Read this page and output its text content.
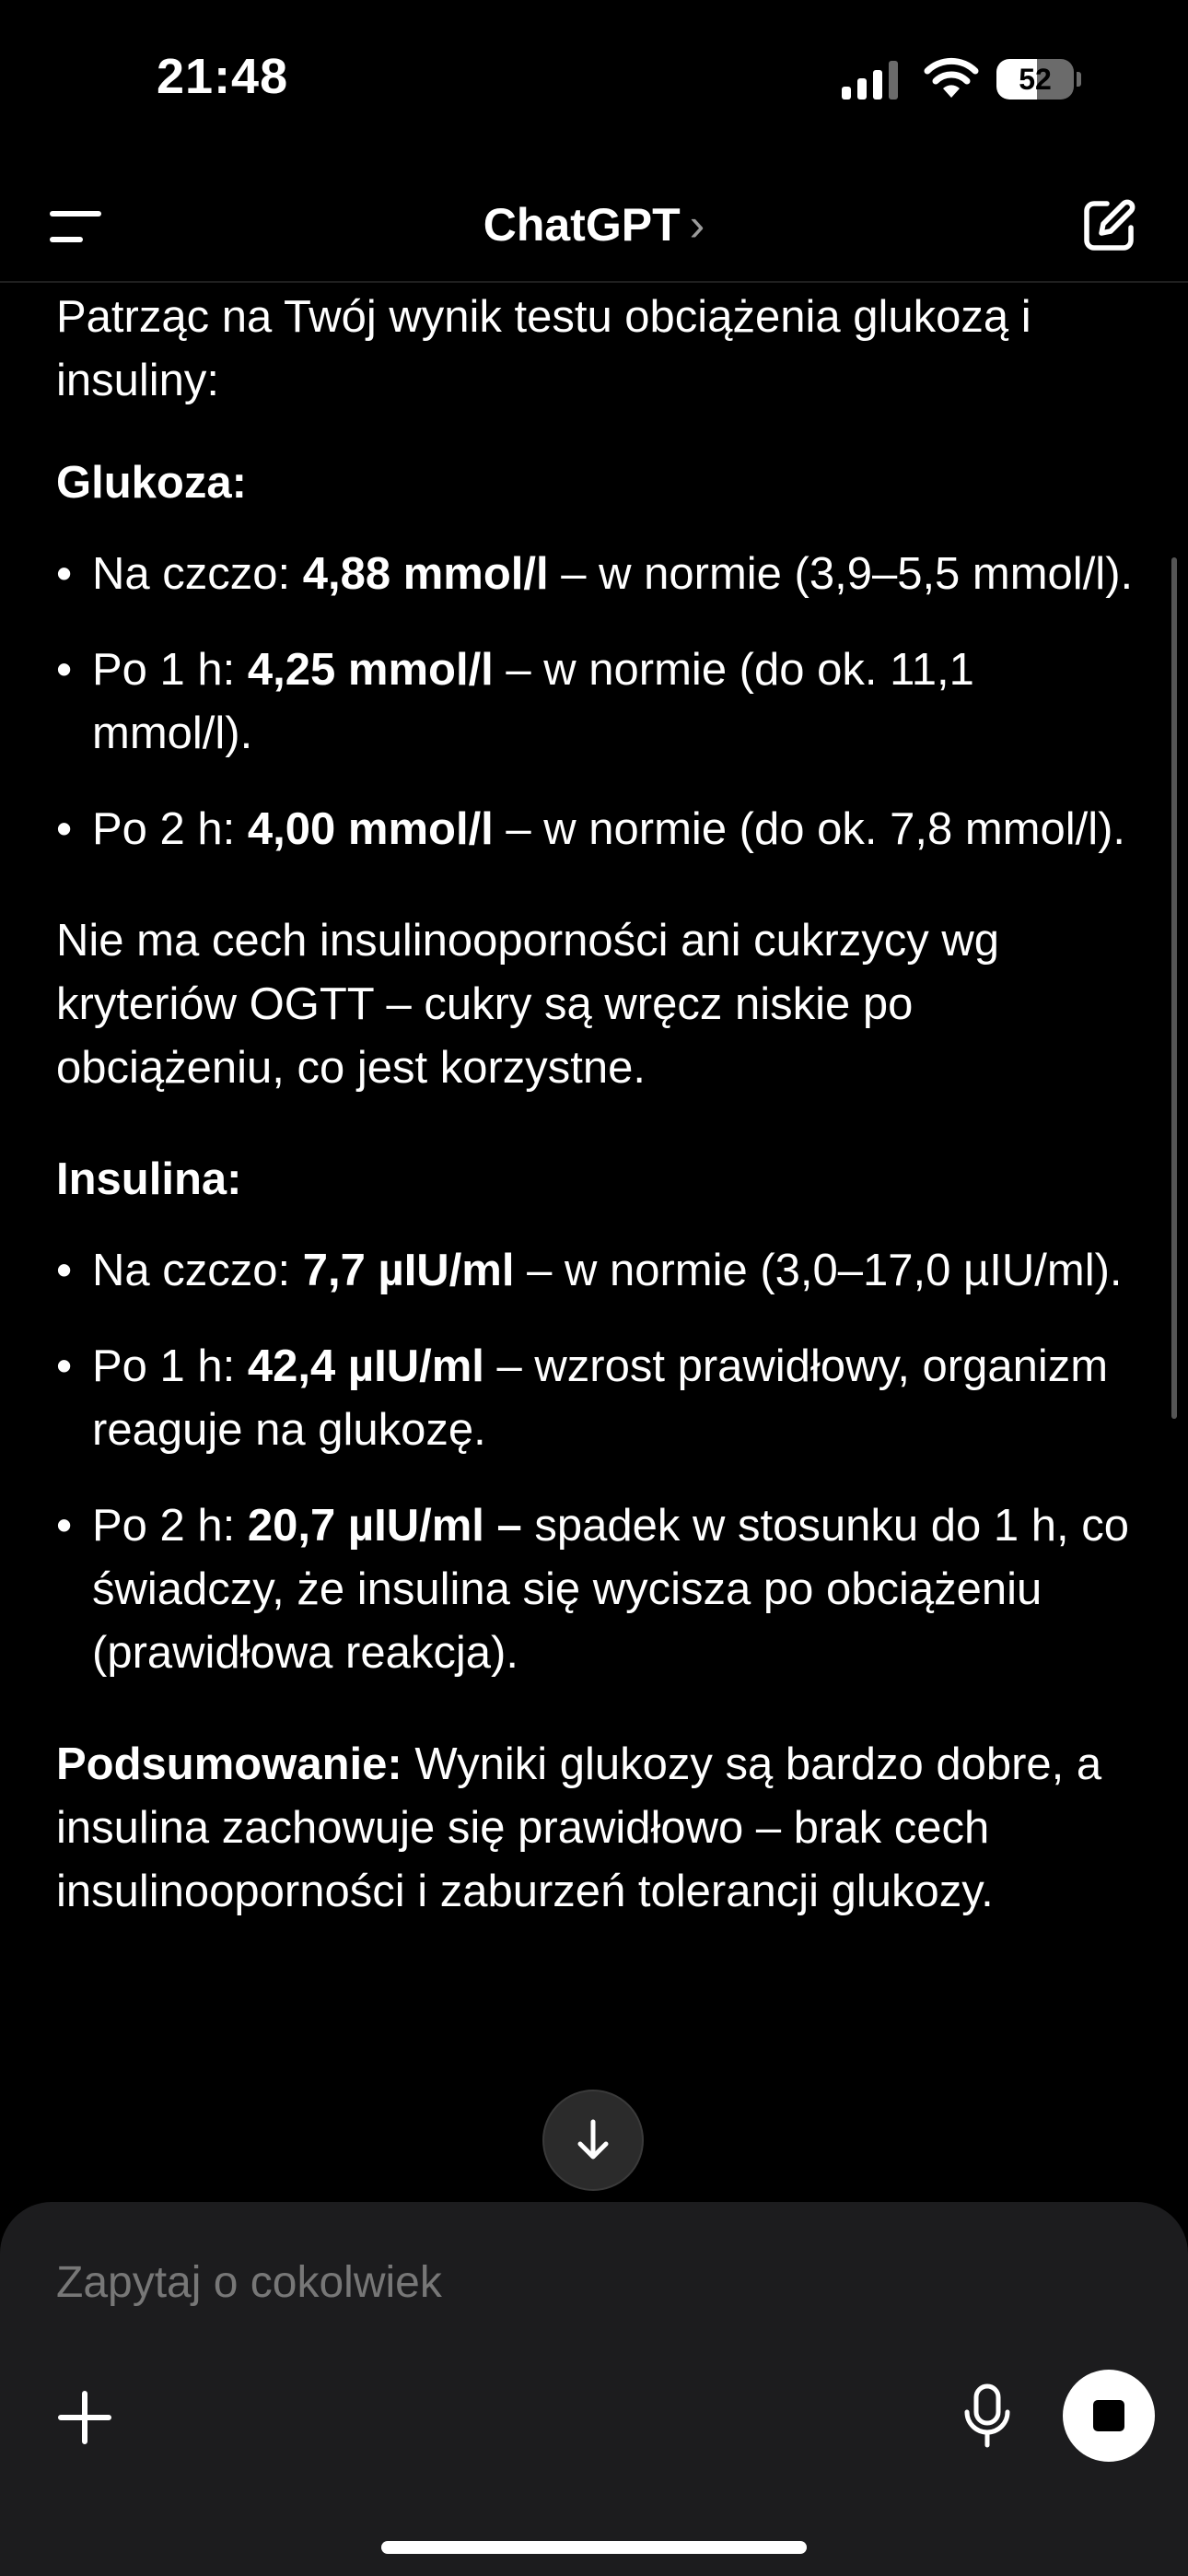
21:48	52
ChatGPT ›

Patrząc na Twój wynik testu obciążenia glukozą i insuliny:

Glukoza:

• Na czczo: 4,88 mmol/l – w normie (3,9–5,5 mmol/l).
• Po 1 h: 4,25 mmol/l – w normie (do ok. 11,1 mmol/l).
• Po 2 h: 4,00 mmol/l – w normie (do ok. 7,8 mmol/l).

Nie ma cech insulinooporności ani cukrzycy wg kryteriów OGTT – cukry są wręcz niskie po obciążeniu, co jest korzystne.

Insulina:

• Na czczo: 7,7 µIU/ml – w normie (3,0–17,0 µIU/ml).
• Po 1 h: 42,4 µIU/ml – wzrost prawidłowy, organizm reaguje na glukozę.
• Po 2 h: 20,7 µIU/ml – spadek w stosunku do 1 h, co świadczy, że insulina się wycisza po obciążeniu (prawidłowa reakcja).

Podsumowanie: Wyniki glukozy są bardzo dobre, a insulina zachowuje się prawidłowo – brak cech insulinooporności i zaburzeń tolerancji glukozy.

Zapytaj o cokolwiek
